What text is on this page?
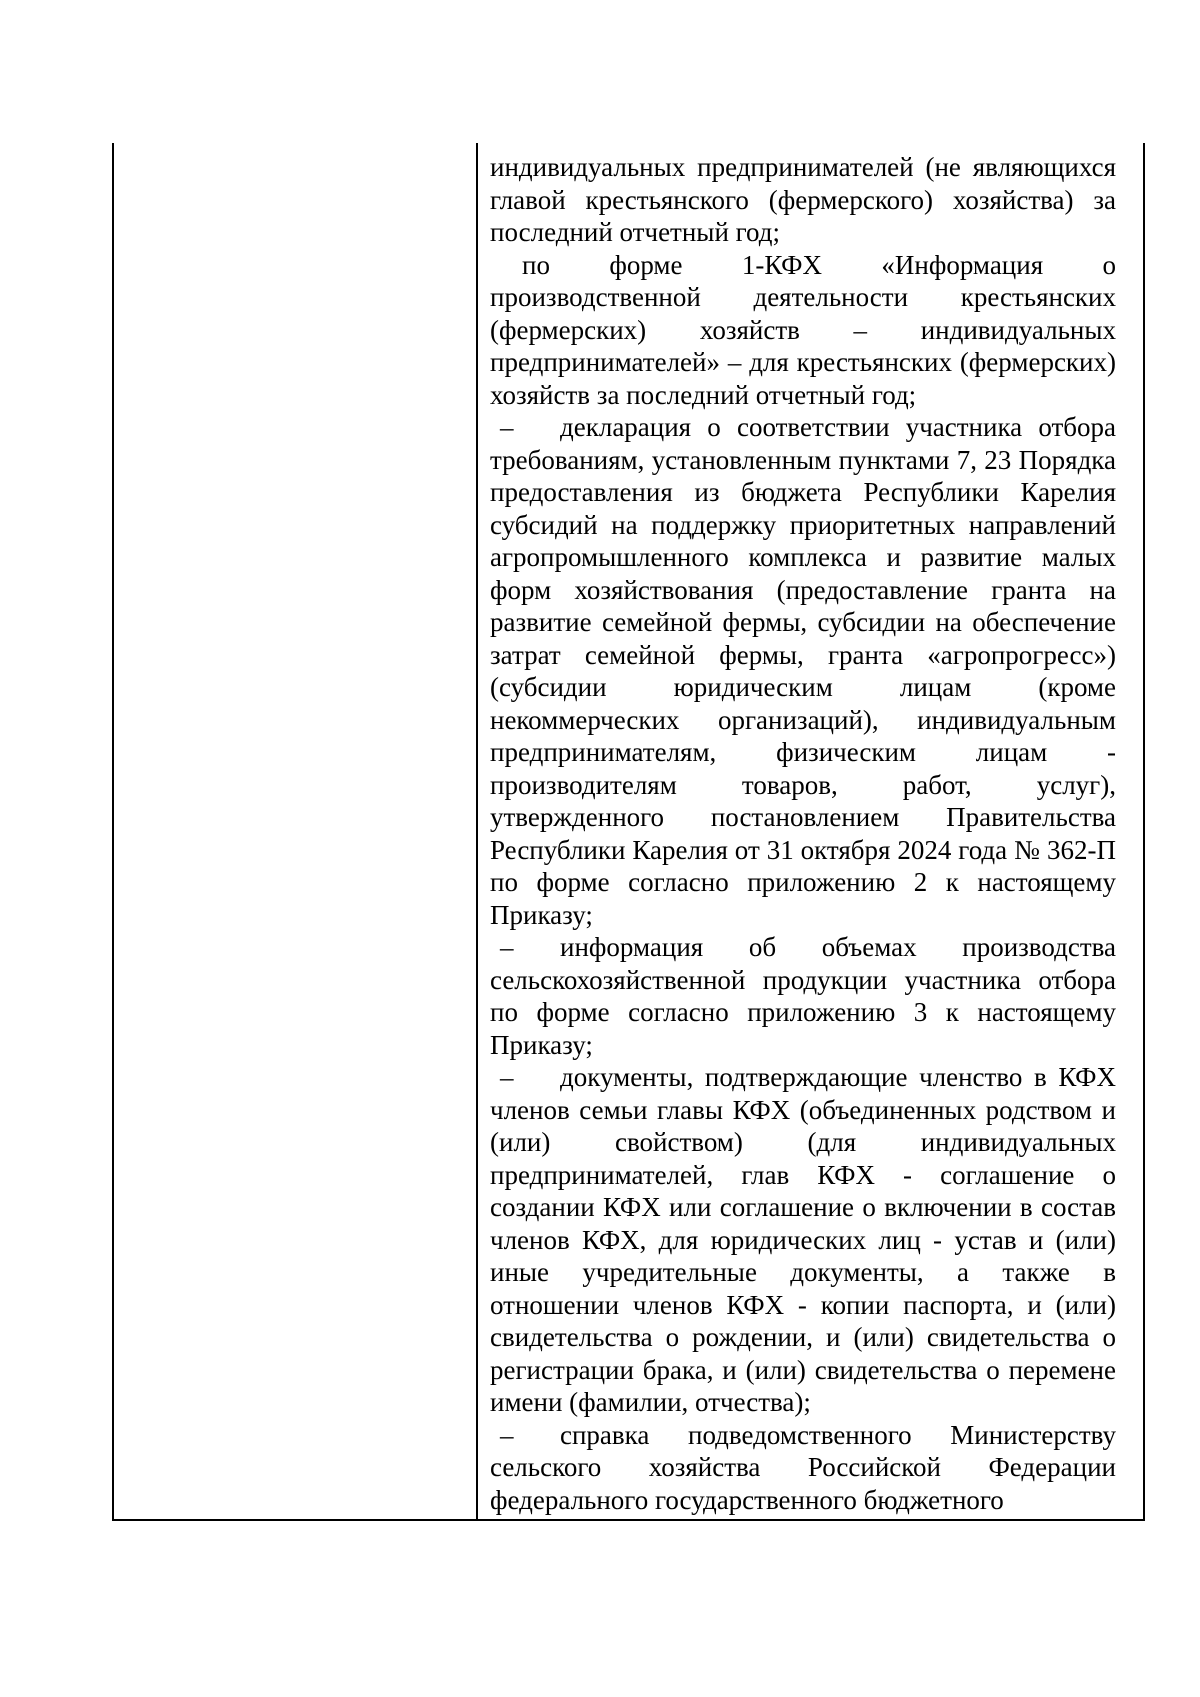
индивидуальных предпринимателей (не являющихся главой крестьянского (фермерского) хозяйства) за последний отчетный год;

по форме 1-КФХ «Информация о производственной деятельности крестьянских (фермерских) хозяйств – индивидуальных предпринимателей» – для крестьянских (фермерских) хозяйств за последний отчетный год;

– декларация о соответствии участника отбора требованиям, установленным пунктами 7, 23 Порядка предоставления из бюджета Республики Карелия субсидий на поддержку приоритетных направлений агропромышленного комплекса и развитие малых форм хозяйствования (предоставление гранта на развитие семейной фермы, субсидии на обеспечение затрат семейной фермы, гранта «агропрогресс») (субсидии юридическим лицам (кроме некоммерческих организаций), индивидуальным предпринимателям, физическим лицам - производителям товаров, работ, услуг), утвержденного постановлением Правительства Республики Карелия от 31 октября 2024 года № 362-П по форме согласно приложению 2 к настоящему Приказу;

– информация об объемах производства сельскохозяйственной продукции участника отбора по форме согласно приложению 3 к настоящему Приказу;

– документы, подтверждающие членство в КФХ членов семьи главы КФХ (объединенных родством и (или) свойством) (для индивидуальных предпринимателей, глав КФХ - соглашение о создании КФХ или соглашение о включении в состав членов КФХ, для юридических лиц - устав и (или) иные учредительные документы, а также в отношении членов КФХ - копии паспорта, и (или) свидетельства о рождении, и (или) свидетельства о регистрации брака, и (или) свидетельства о перемене имени (фамилии, отчества);

– справка подведомственного Министерству сельского хозяйства Российской Федерации федерального государственного бюджетного
